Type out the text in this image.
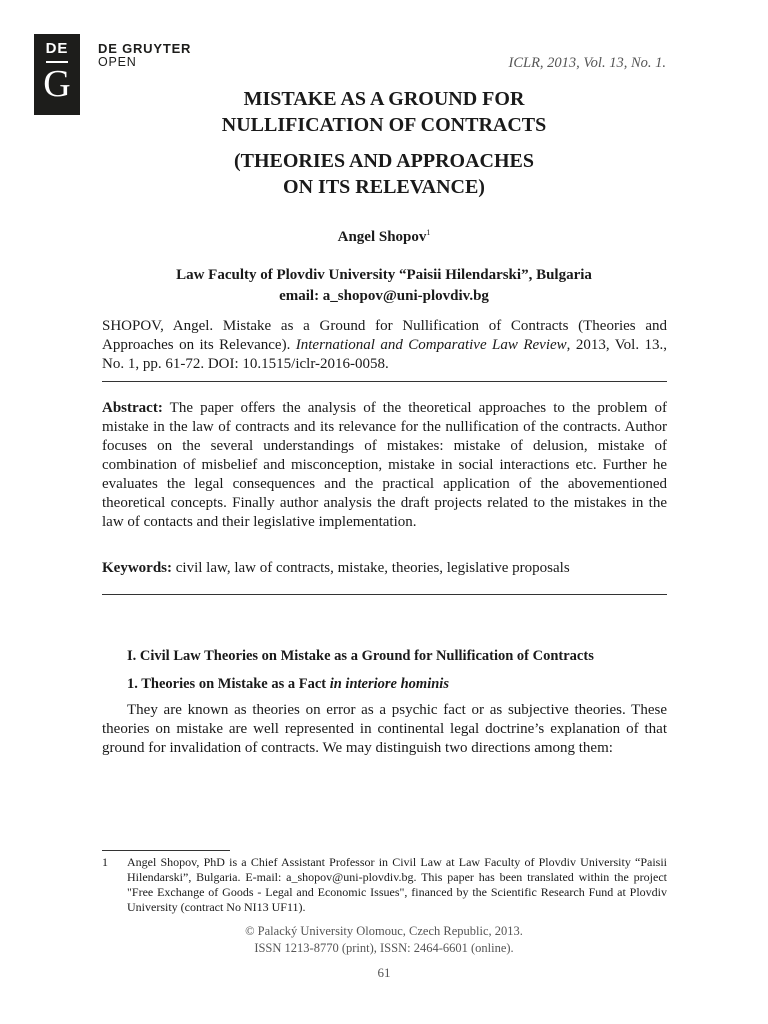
DE
G
DE GRUYTER
OPEN	ICLR, 2013, Vol. 13, No. 1.
MISTAKE AS A GROUND FOR
NULLIFICATION OF CONTRACTS
(THEORIES AND APPROACHES
ON ITS RELEVANCE)
Angel Shopov$^1$
Law Faculty of Plovdiv University “Paisii Hilendarski”, Bulgaria
email: a_shopov@uni-plovdiv.bg
SHOPOV, Angel. Mistake as a Ground for Nullification of Contracts (Theories and Approaches on its Relevance). International and Comparative Law Review, 2013, Vol. 13., No. 1, pp. 61-72. DOI: 10.1515/iclr-2016-0058.
Abstract: The paper offers the analysis of the theoretical approaches to the problem of mistake in the law of contracts and its relevance for the nullification of the contracts. Author focuses on the several understandings of mistakes: mistake of delusion, mistake of combination of misbelief and misconception, mistake in social interactions etc. Further he evaluates the legal consequences and the practical application of the abovementioned theoretical concepts. Finally author analysis the draft projects related to the mistakes in the law of contacts and their legislative implementation.
Keywords: civil law, law of contracts, mistake, theories, legislative proposals
I. Civil Law Theories on Mistake as a Ground for Nullification of Contracts
1. Theories on Mistake as a Fact in interiore hominis
They are known as theories on error as a psychic fact or as subjective theories. These theories on mistake are well represented in continental legal doctrine’s explanation of that ground for invalidation of contracts. We may distinguish two directions among them:
1 Angel Shopov, PhD is a Chief Assistant Professor in Civil Law at Law Faculty of Plovdiv University “Paisii Hilendarski”, Bulgaria. E-mail: a_shopov@uni-plovdiv.bg. This paper has been translated within the project "Free Exchange of Goods - Legal and Economic Issues", financed by the Scientific Research Fund at Plovdiv University (contract No NI13 UF11).
© Palacký University Olomouc, Czech Republic, 2013.
ISSN 1213-8770 (print), ISSN: 2464-6601 (online).
61
